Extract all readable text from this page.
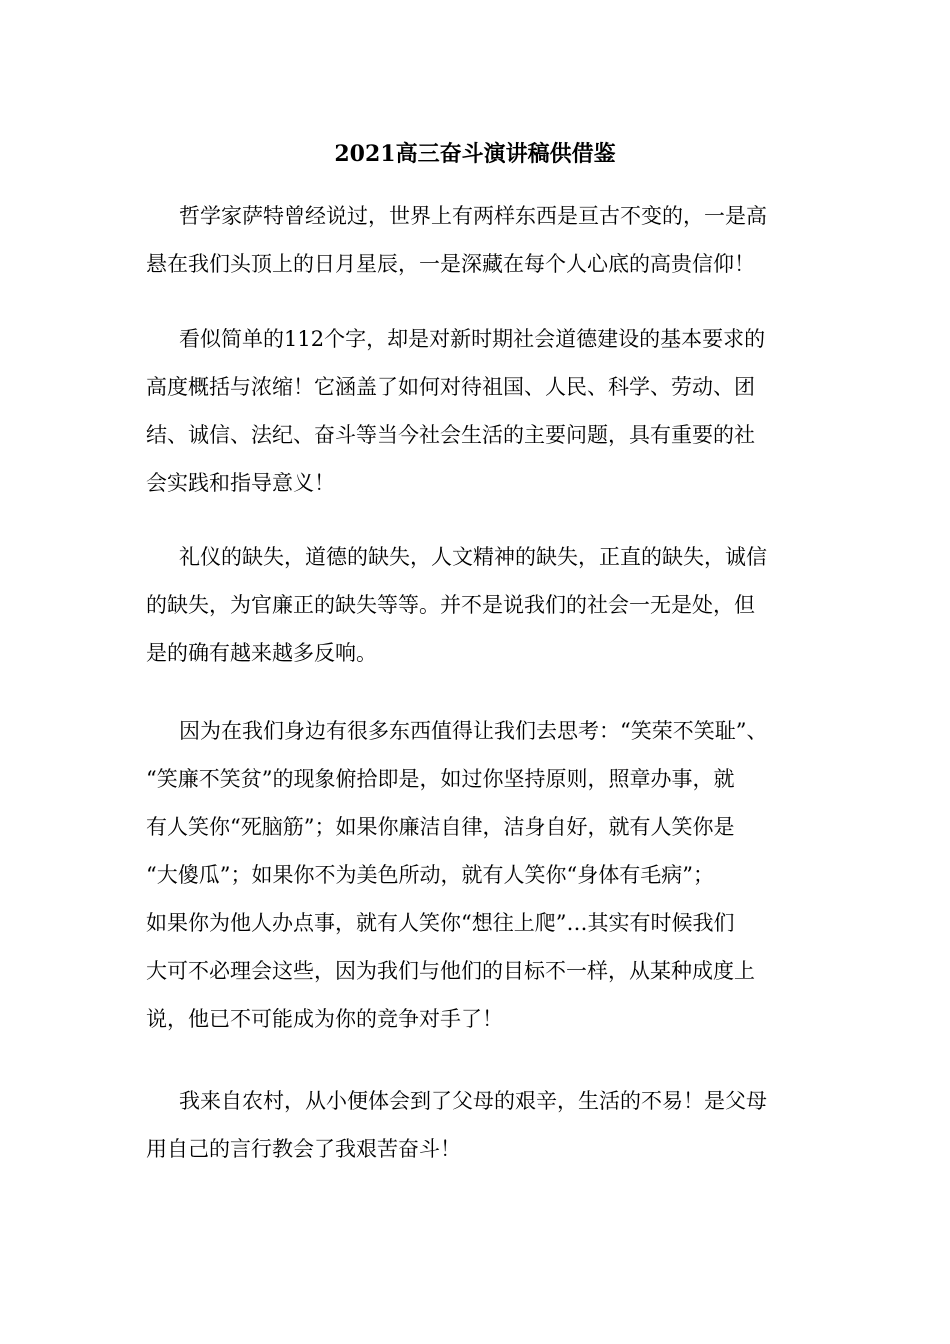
2021高三奋斗演讲稿供借鉴
哲学家萨特曾经说过，世界上有两样东西是亘古不变的，一是高
悬在我们头顶上的日月星辰，一是深藏在每个人心底的高贵信仰！
看似简单的112个字，却是对新时期社会道德建设的基本要求的
高度概括与浓缩！它涵盖了如何对待祖国、人民、科学、劳动、团
结、诚信、法纪、奋斗等当今社会生活的主要问题，具有重要的社
会实践和指导意义！
礼仪的缺失，道德的缺失，人文精神的缺失，正直的缺失，诚信
的缺失，为官廉正的缺失等等。并不是说我们的社会一无是处，但
是的确有越来越多反响。
因为在我们身边有很多东西值得让我们去思考：“笑荣不笑耻”、
“笑廉不笑贫”的现象俯拾即是，如过你坚持原则，照章办事，就
有人笑你“死脑筋”；如果你廉洁自律，洁身自好，就有人笑你是
“大傻瓜”；如果你不为美色所动，就有人笑你“身体有毛病”；
如果你为他人办点事，就有人笑你“想往上爬”…其实有时候我们
大可不必理会这些，因为我们与他们的目标不一样，从某种成度上
说，他已不可能成为你的竞争对手了！
我来自农村，从小便体会到了父母的艰辛，生活的不易！是父母
用自己的言行教会了我艰苦奋斗！
